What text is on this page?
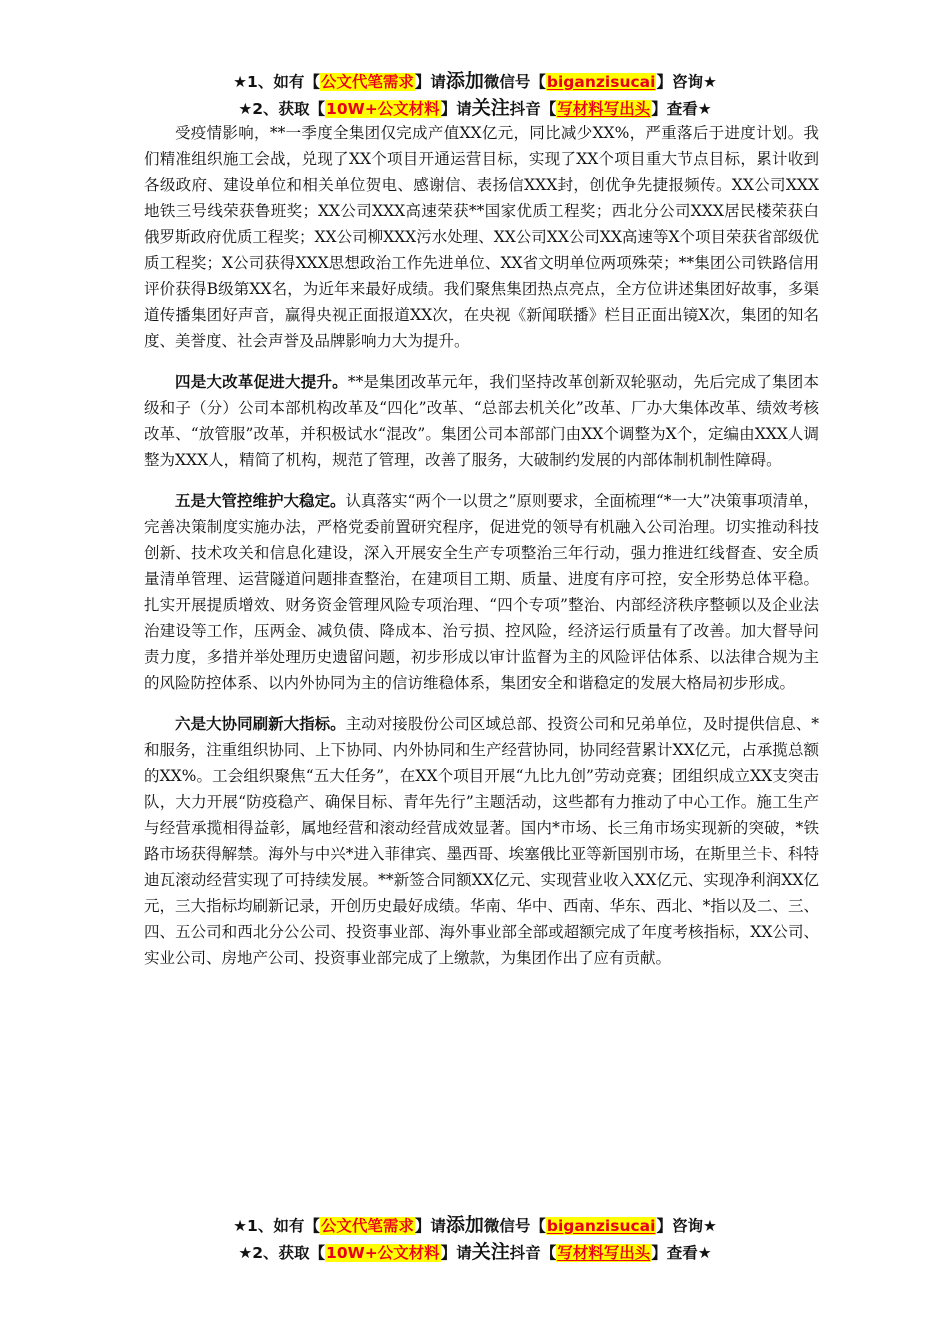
★1、如有【公文代笔需求】请添加微信号【biganzisucai】咨询★
★2、获取【10W+公文材料】请关注抖音【写材料写出头】查看★

受疫情影响，**一季度全集团仅完成产值XX亿元，同比减少XX%，严重落后于进度计划。我们精准组织施工会战，兑现了XX个项目开通运营目标，实现了XX个项目重大节点目标，累计收到各级政府、建设单位和相关单位贺电、感谢信、表扬信XXX封，创优争先捷报频传。XX公司XXX地铁三号线荣获鲁班奖；XX公司XXX高速荣获**国家优质工程奖；西北分公司XXX居民楼荣获白俄罗斯政府优质工程奖；XX公司柳XXX污水处理、XX公司XX公司XX高速等X个项目荣获省部级优质工程奖；X公司获得XXX思想政治工作先进单位、XX省文明单位两项殊荣；**集团公司铁路信用评价获得B级第XX名，为近年来最好成绩。我们聚焦集团热点亮点，全方位讲述集团好故事，多渠道传播集团好声音，赢得央视正面报道XX次，在央视《新闻联播》栏目正面出镜X次，集团的知名度、美誉度、社会声誉及品牌影响力大为提升。

四是大改革促进大提升。**是集团改革元年，我们坚持改革创新双轮驱动，先后完成了集团本级和子（分）公司本部机构改革及“四化”改革、“总部去机关化”改革、厂办大集体改革、绩效考核改革、“放管服”改革，并积极试水“混改”。集团公司本部部门由XX个调整为X个，定编由XXX人调整为XXX人，精简了机构，规范了管理，改善了服务，大破制约发展的内部体制机制性障碍。

五是大管控维护大稳定。认真落实“两个一以贯之”原则要求，全面梳理“*一大”决策事项清单，完善决策制度实施办法，严格党委前置研究程序，促进党的领导有机融入公司治理。切实推动科技创新、技术攻关和信息化建设，深入开展安全生产专项整治三年行动，强力推进红线督查、安全质量清单管理、运营隧道问题排查整治，在建项目工期、质量、进度有序可控，安全形势总体平稳。扎实开展提质增效、财务资金管理风险专项治理、“四个专项”整治、内部经济秩序整顿以及企业法治建设等工作，压两金、减负债、降成本、治亏损、控风险，经济运行质量有了改善。加大督导问责力度，多措并举处理历史遗留问题，初步形成以审计监督为主的风险评估体系、以法律合规为主的风险防控体系、以内外协同为主的信访维稳体系，集团安全和谐稳定的发展大格局初步形成。

六是大协同刷新大指标。主动对接股份公司区域总部、投资公司和兄弟单位，及时提供信息、*和服务，注重组织协同、上下协同、内外协同和生产经营协同，协同经营累计XX亿元，占承揽总额的XX%。工会组织聚焦“五大任务”，在XX个项目开展“九比九创”劳动竞赛；团组织成立XX支突击队，大力开展“防疫稳产、确保目标、青年先行”主题活动，这些都有力推动了中心工作。施工生产与经营承揽相得益彰，属地经营和滚动经营成效显著。国内*市场、长三角市场实现新的突破，*铁路市场获得解禁。海外与中兴*进入菲律宾、墨西哥、埃塞俄比亚等新国别市场，在斯里兰卡、科特迪瓦滚动经营实现了可持续发展。**新签合同额XX亿元、实现营业收入XX亿元、实现净利润XX亿元，三大指标均刷新记录，开创历史最好成绩。华南、华中、西南、华东、西北、*指以及二、三、四、五公司和西北分公公司、投资事业部、海外事业部全部或超额完成了年度考核指标，XX公司、实业公司、房地产公司、投资事业部完成了上缴款，为集团作出了应有贡献。

★1、如有【公文代笔需求】请添加微信号【biganzisucai】咨询★
★2、获取【10W+公文材料】请关注抖音【写材料写出头】查看★
